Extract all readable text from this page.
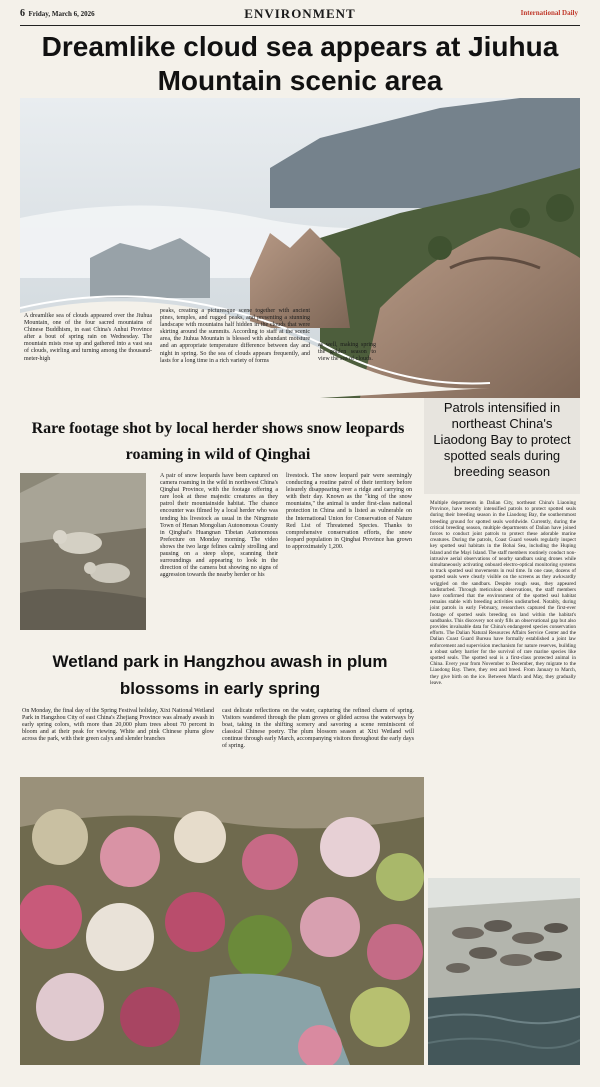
6 Friday, March 6, 2026	ENVIRONMENT	International Daily
Dreamlike cloud sea appears at Jiuhua Mountain scenic area
A dreamlike sea of clouds appeared over the Jiuhua Mountain, one of the four sacred mountains of Chinese Buddhism, in east China's Anhui Province after a bout of spring rain on Wednesday. The mountain mists rose up and gathered into a vast sea of clouds, swirling and turning among the thousand-meter-high
peaks, creating a picturesque scene together with ancient pines, temples, and rugged peaks, and presenting a stunning landscape with mountains half hidden in the clouds that were skirting around the summits. According to staff at the scenic area, the Jiuhua Mountain is blessed with abundant moisture and an appropriate temperature difference between day and night in spring. So the sea of clouds appears frequently, and lasts for a long time in a rich variety of forms
as well, making spring the golden season to view the sea of clouds.
Rare footage shot by local herder shows snow leopards roaming in wild of Qinghai
A pair of snow leopards have been captured on camera roaming in the wild in northwest China's Qinghai Province, with the footage offering a rare look at these majestic creatures as they patrol their mountainside habitat. The chance encounter was filmed by a local herder who was tending his livestock as usual in the Ningmute Town of Henan Mongolian Autonomous County in Qinghai's Huangnan Tibetan Autonomous Prefecture on Monday morning. The video shows the two large felines calmly strolling and pausing on a steep slope, scanning their surroundings and appearing to look in the direction of the camera but showing no signs of aggression towards the nearby herder or his
livestock. The snow leopard pair were seemingly conducting a routine patrol of their territory before leisurely disappearing over a ridge and carrying on with their day. Known as the "king of the snow mountains," the animal is under first-class national protection in China and is listed as vulnerable on the International Union for Conservation of Nature Red List of Threatened Species. Thanks to comprehensive conservation efforts, the snow leopard population in Qinghai Province has grown to approximately 1,200.
Wetland park in Hangzhou awash in plum blossoms in early spring
On Monday, the final day of the Spring Festival holiday, Xixi National Wetland Park in Hangzhou City of east China's Zhejiang Province was already awash in early spring colors, with more than 20,000 plum trees about 70 percent in bloom and at their peak for viewing. White and pink Chinese plums glow across the park, with their green calyx and slender branches
cast delicate reflections on the water, capturing the refined charm of spring. Visitors wandered through the plum groves or glided across the waterways by boat, taking in the shifting scenery and savoring a scene reminiscent of classical Chinese poetry. The plum blossom season at Xixi Wetland will continue through early March, accompanying visitors throughout the early days of spring.
Patrols intensified in northeast China's Liaodong Bay to protect spotted seals during breeding season
Multiple departments in Dalian City, northeast China's Liaoning Province, have recently intensified patrols to protect spotted seals during their breeding season in the Liaodong Bay, the southernmost breeding ground for spotted seals worldwide. Currently, during the critical breeding season, multiple departments of Dalian have joined forces to conduct joint patrols to protect these adorable marine creatures. During the patrols, Coast Guard vessels regularly inspect key spotted seal habitats in the Bohai Sea, including the Huping Island and the Mayi Island. The staff members routinely conduct non-intrusive aerial observations of nearby sandbars using drones while simultaneously activating onboard electro-optical monitoring systems to track spotted seal movements in real time. In one case, dozens of spotted seals were clearly visible on the screens as they awkwardly wriggled on the sandbars. Despite rough seas, they appeared undisturbed. Through meticulous observations, the staff members have confirmed that the environment of the spotted seal habitat remains stable with breeding activities undisturbed. Notably, during joint patrols in early February, researchers captured the first-ever footage of spotted seals breeding on land within the habitat's sandbanks. This discovery not only fills an observational gap but also provides invaluable data for China's endangered species conservation efforts. The Dalian Natural Resources Affairs Service Center and the Dalian Coast Guard Bureau have formally established a joint law enforcement and supervision mechanism for nature reserves, building a robust safety barrier for the survival of rare marine species like spotted seals. The spotted seal is a first-class protected animal in China. Every year from November to December, they migrate to the Liaodong Bay. There, they rest and breed. From January to March, they give birth on the ice. Between March and May, they gradually leave.
